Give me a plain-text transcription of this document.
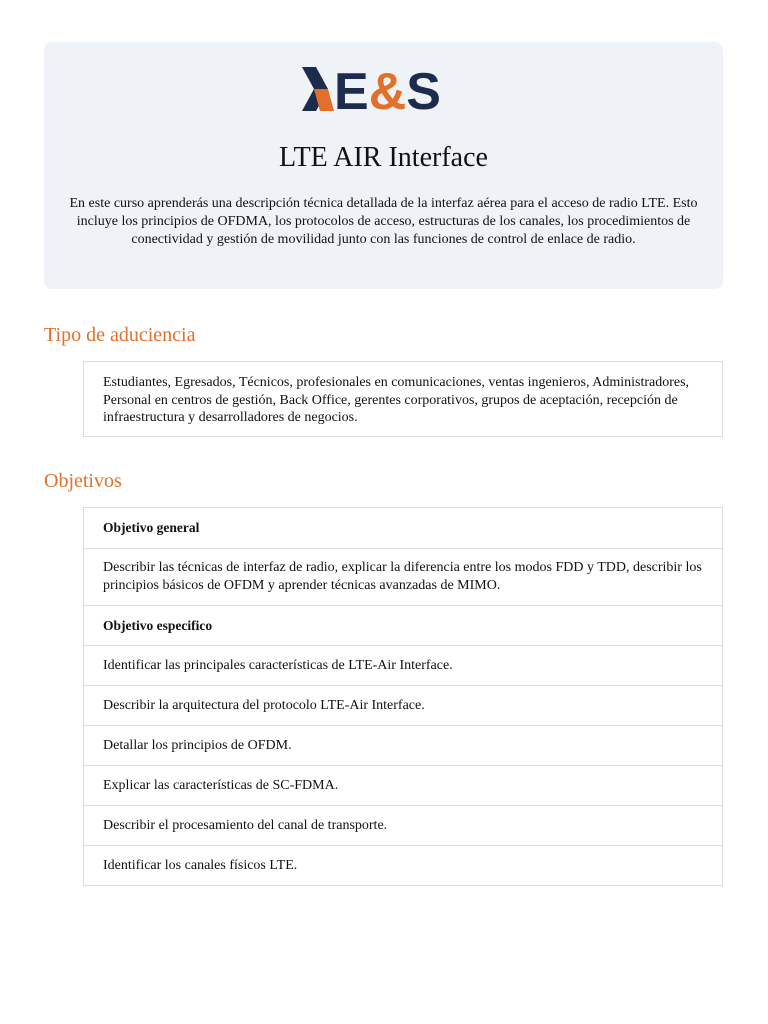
E&S
LTE AIR Interface

En este curso aprenderás una descripción técnica detallada de la interfaz aérea para el acceso de radio LTE. Esto incluye los principios de OFDMA, los protocolos de acceso, estructuras de los canales, los procedimientos de conectividad y gestión de movilidad junto con las funciones de control de enlace de radio.

Tipo de aduciencia
Estudiantes, Egresados, Técnicos, profesionales en comunicaciones, ventas ingenieros, Administradores, Personal en centros de gestión, Back Office, gerentes corporativos, grupos de aceptación, recepción de infraestructura y desarrolladores de negocios.
Objetivos
Objetivo general
Describir las técnicas de interfaz de radio, explicar la diferencia entre los modos FDD y TDD, describir los principios básicos de OFDM y aprender técnicas avanzadas de MIMO.
Objetivo especifico
Identificar las principales características de LTE-Air Interface.
Describir la arquitectura del protocolo LTE-Air Interface.
Detallar los principios de OFDM.
Explicar las características de SC-FDMA.
Describir el procesamiento del canal de transporte.
Identificar los canales físicos LTE.
